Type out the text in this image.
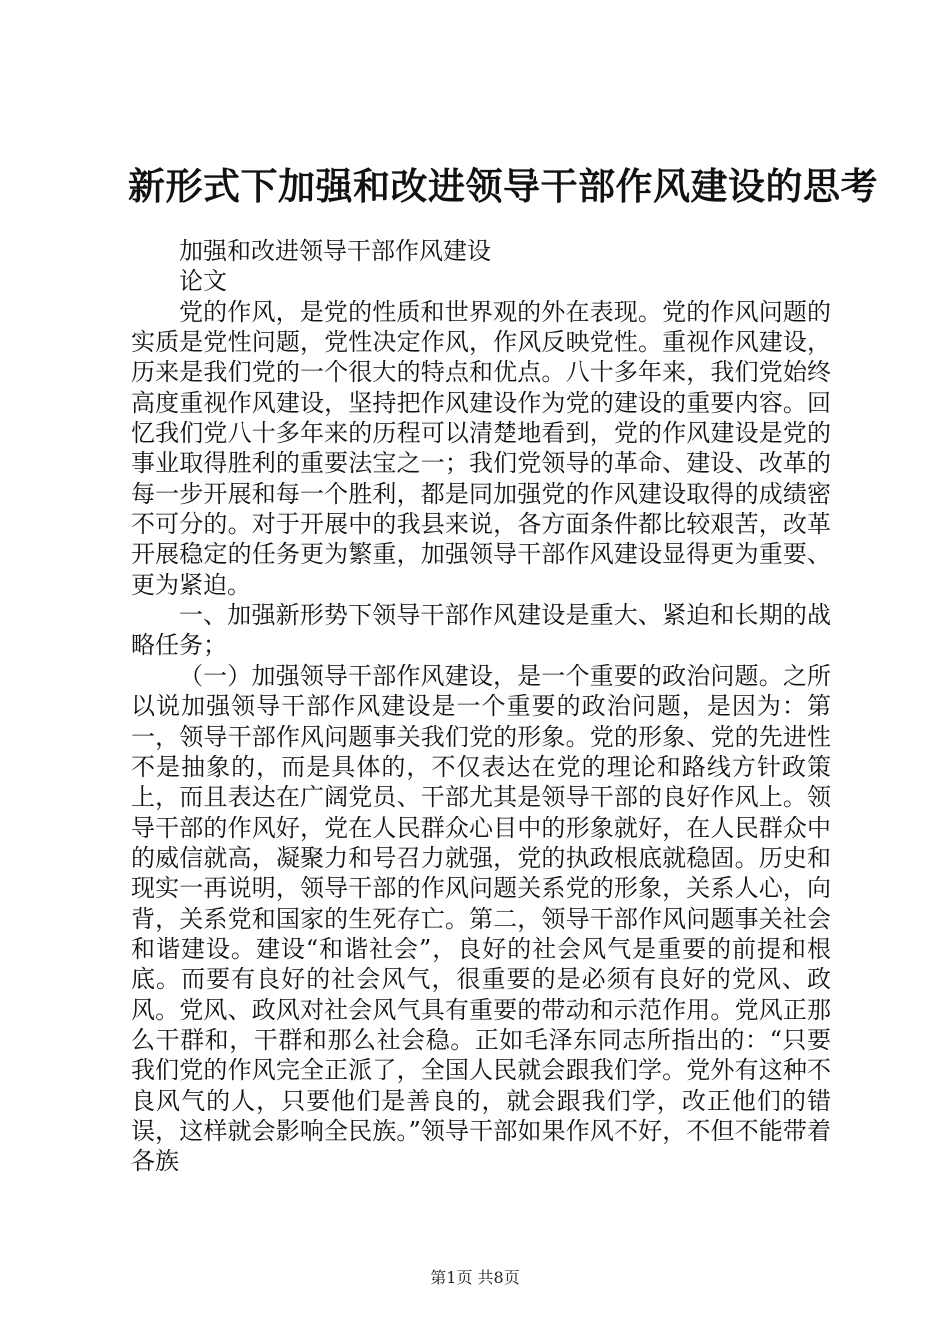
新形式下加强和改进领导干部作风建设的思考

加强和改进领导干部作风建设

论文

党的作风，是党的性质和世界观的外在表现。党的作风问题的实质是党性问题，党性决定作风，作风反映党性。重视作风建设，历来是我们党的一个很大的特点和优点。八十多年来，我们党始终高度重视作风建设，坚持把作风建设作为党的建设的重要内容。回忆我们党八十多年来的历程可以清楚地看到，党的作风建设是党的事业取得胜利的重要法宝之一；我们党领导的革命、建设、改革的每一步开展和每一个胜利，都是同加强党的作风建设取得的成绩密不可分的。对于开展中的我县来说，各方面条件都比较艰苦，改革开展稳定的任务更为繁重，加强领导干部作风建设显得更为重要、更为紧迫。

一、加强新形势下领导干部作风建设是重大、紧迫和长期的战略任务；

（一）加强领导干部作风建设，是一个重要的政治问题。之所以说加强领导干部作风建设是一个重要的政治问题，是因为：第一，领导干部作风问题事关我们党的形象。党的形象、党的先进性不是抽象的，而是具体的，不仅表达在党的理论和路线方针政策上，而且表达在广阔党员、干部尤其是领导干部的良好作风上。领导干部的作风好，党在人民群众心目中的形象就好，在人民群众中的威信就高，凝聚力和号召力就强，党的执政根底就稳固。历史和现实一再说明，领导干部的作风问题关系党的形象，关系人心，向背，关系党和国家的生死存亡。第二，领导干部作风问题事关社会和谐建设。建设“和谐社会”，良好的社会风气是重要的前提和根底。而要有良好的社会风气，很重要的是必须有良好的党风、政风。党风、政风对社会风气具有重要的带动和示范作用。党风正那么干群和，干群和那么社会稳。正如毛泽东同志所指出的：“只要我们党的作风完全正派了，全国人民就会跟我们学。党外有这种不良风气的人，只要他们是善良的，就会跟我们学，改正他们的错误，这样就会影响全民族。”领导干部如果作风不好，不但不能带着各族

第1页 共8页
